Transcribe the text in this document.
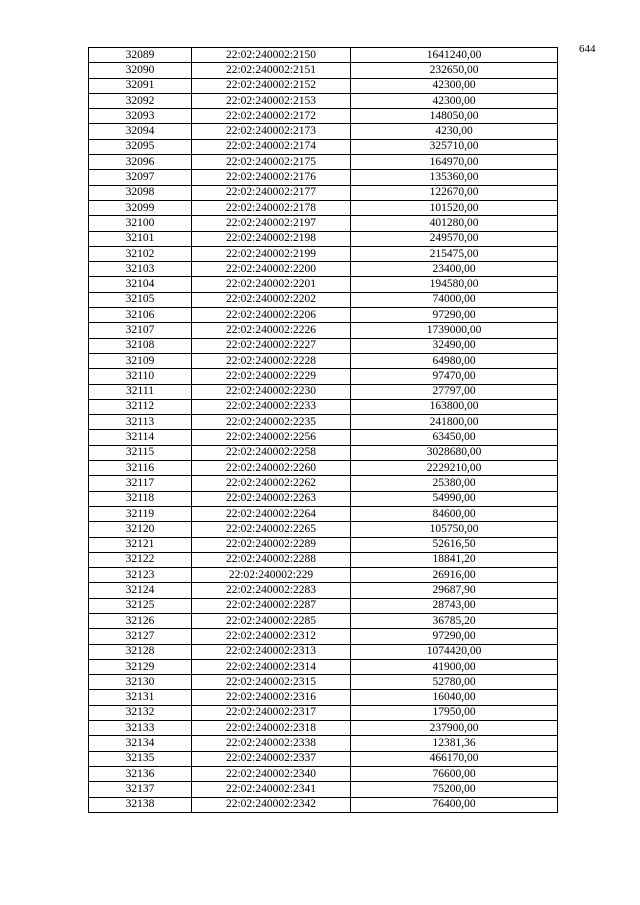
644
32089	22:02:240002:2150	1641240,00
32090	22:02:240002:2151	232650,00
32091	22:02:240002:2152	42300,00
32092	22:02:240002:2153	42300,00
32093	22:02:240002:2172	148050,00
32094	22:02:240002:2173	4230,00
32095	22:02:240002:2174	325710,00
32096	22:02:240002:2175	164970,00
32097	22:02:240002:2176	135360,00
32098	22:02:240002:2177	122670,00
32099	22:02:240002:2178	101520,00
32100	22:02:240002:2197	401280,00
32101	22:02:240002:2198	249570,00
32102	22:02:240002:2199	215475,00
32103	22:02:240002:2200	23400,00
32104	22:02:240002:2201	194580,00
32105	22:02:240002:2202	74000,00
32106	22:02:240002:2206	97290,00
32107	22:02:240002:2226	1739000,00
32108	22:02:240002:2227	32490,00
32109	22:02:240002:2228	64980,00
32110	22:02:240002:2229	97470,00
32111	22:02:240002:2230	27797,00
32112	22:02:240002:2233	163800,00
32113	22:02:240002:2235	241800,00
32114	22:02:240002:2256	63450,00
32115	22:02:240002:2258	3028680,00
32116	22:02:240002:2260	2229210,00
32117	22:02:240002:2262	25380,00
32118	22:02:240002:2263	54990,00
32119	22:02:240002:2264	84600,00
32120	22:02:240002:2265	105750,00
32121	22:02:240002:2289	52616,50
32122	22:02:240002:2288	18841,20
32123	22:02:240002:229	26916,00
32124	22:02:240002:2283	29687,90
32125	22:02:240002:2287	28743,00
32126	22:02:240002:2285	36785,20
32127	22:02:240002:2312	97290,00
32128	22:02:240002:2313	1074420,00
32129	22:02:240002:2314	41900,00
32130	22:02:240002:2315	52780,00
32131	22:02:240002:2316	16040,00
32132	22:02:240002:2317	17950,00
32133	22:02:240002:2318	237900,00
32134	22:02:240002:2338	12381,36
32135	22:02:240002:2337	466170,00
32136	22:02:240002:2340	76600,00
32137	22:02:240002:2341	75200,00
32138	22:02:240002:2342	76400,00
